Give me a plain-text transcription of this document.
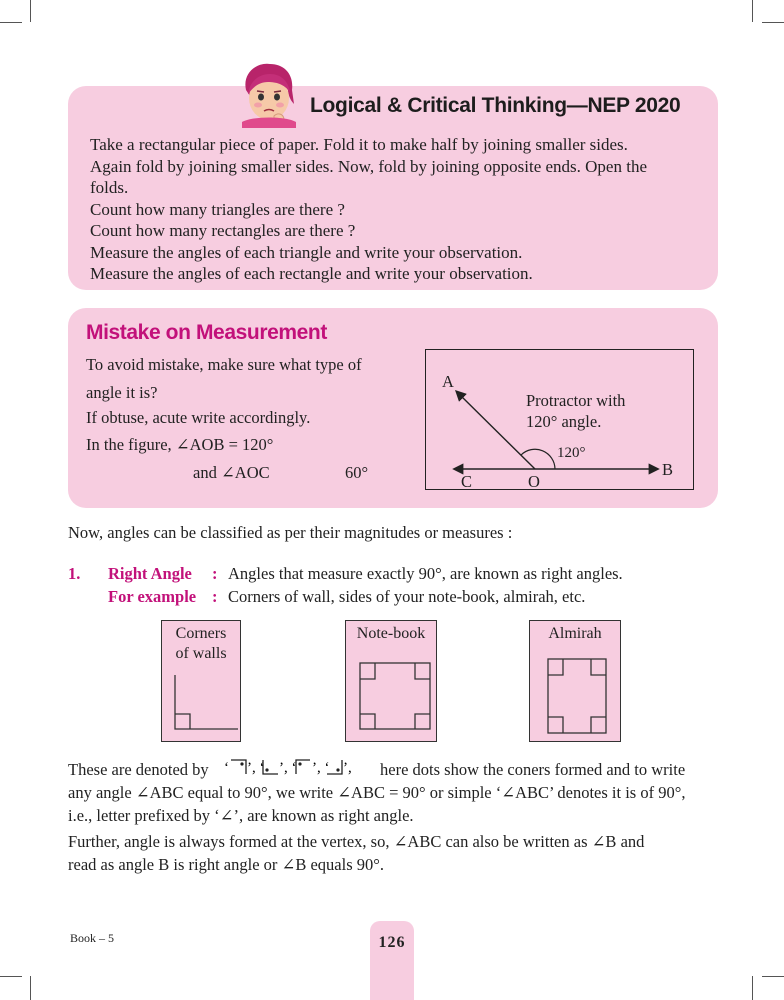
Logical & Critical Thinking—NEP 2020

Take a rectangular piece of paper. Fold it to make half by joining smaller sides.

Again fold by joining smaller sides. Now, fold by joining opposite ends. Open the

folds.

Count how many triangles are there ?

Count how many rectangles are there ?

Measure the angles of each triangle and write your observation.

Measure the angles of each rectangle and write your observation.

Mistake on Measurement
To avoid mistake, make sure what type of
angle it is?
If obtuse, acute write accordingly.
In the figure, ∠AOB = 120°
and ∠AOC	60°
A
B
C	O
Protractor with
120° angle.
120°
Now, angles can be classified as per their magnitudes or measures :
1. Right Angle : Angles that measure exactly 90°, are known as right angles.
For example : Corners of wall, sides of your note-book, almirah, etc.
Corners
of walls
Note-book	Almirah
These are denoted by ‘ ’, ‘ ’, ‘ ’, ‘ ’, here dots show the coners formed and to write
any angle ∠ABC equal to 90°, we write ∠ABC = 90° or simple ‘∠ABC’ denotes it is of 90°,
i.e., letter prefixed by ‘∠’, are known as right angle.
Further, angle is always formed at the vertex, so, ∠ABC can also be written as ∠B and
read as angle B is right angle or ∠B equals 90°.
Book – 5	126
